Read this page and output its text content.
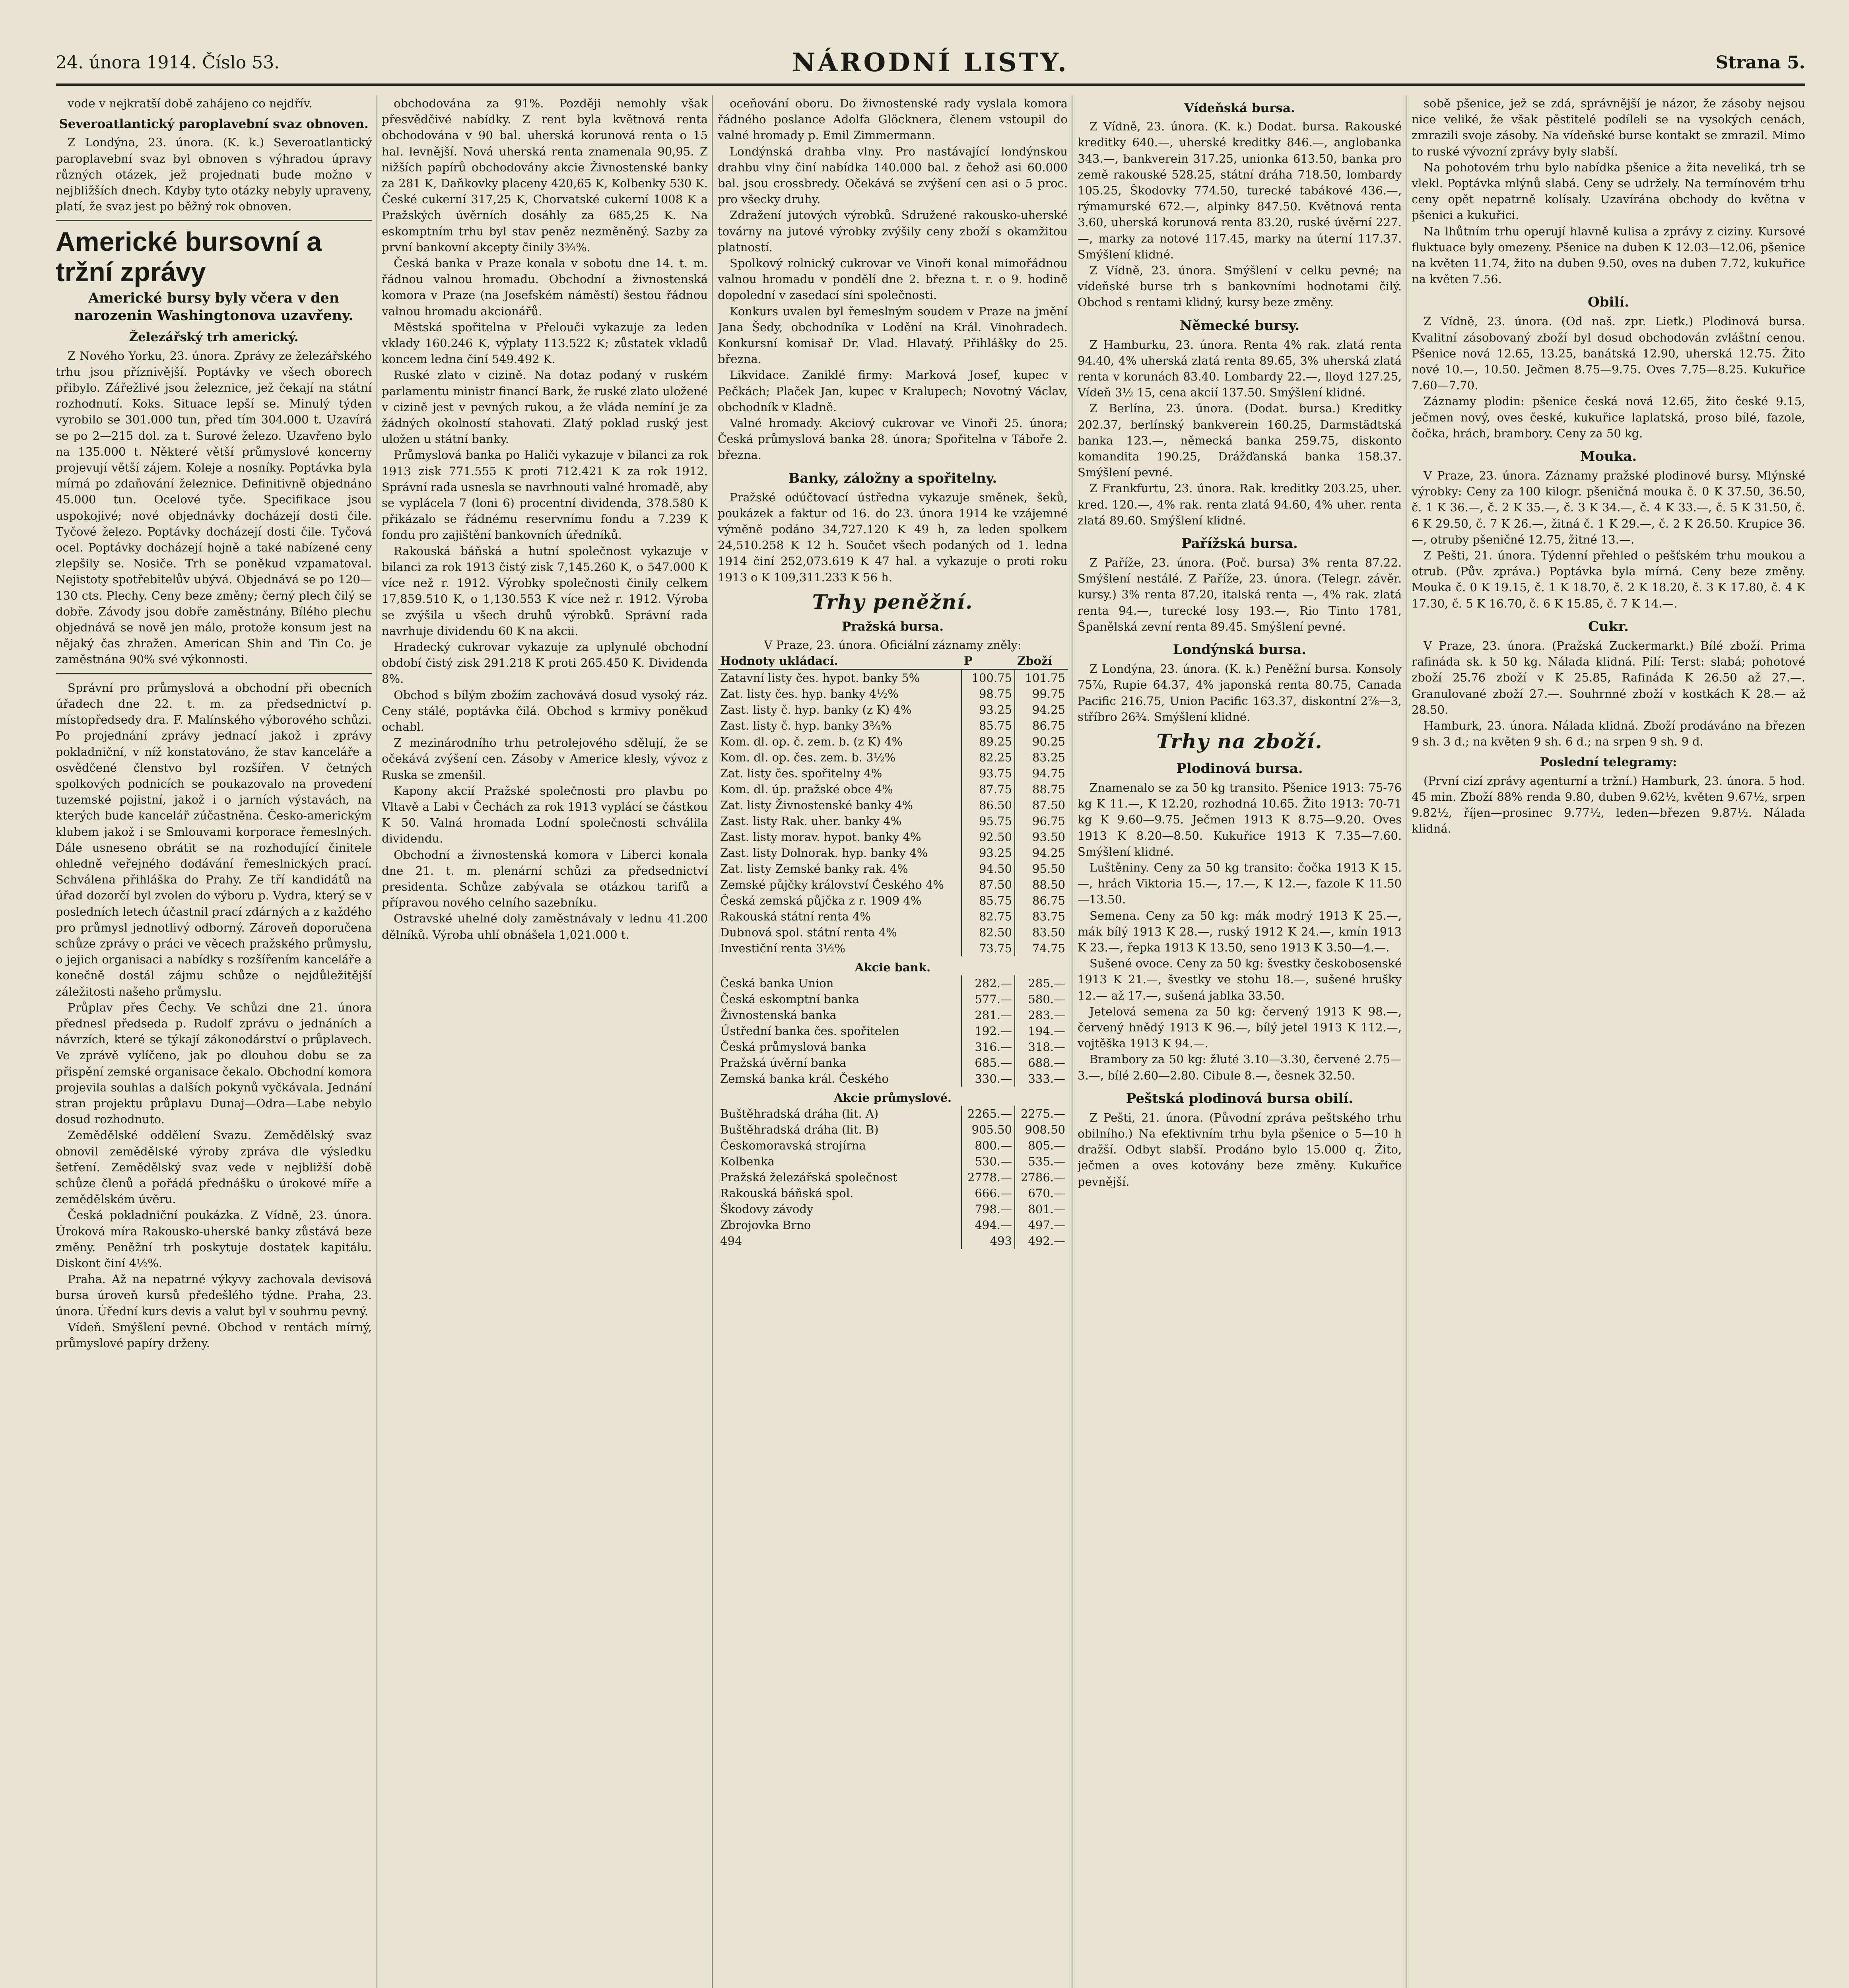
24. února 1914. Číslo 53.	NÁRODNÍ LISTY.	Strana 5.

vode v nejkratší době zahájeno co nejdřív.

Severoatlantický paroplavební svaz obnoven.

Z Londýna, 23. února. (K. k.) Severoatlantický paroplavební svaz byl obnoven s výhradou úpravy různých otázek, jež projednati bude možno v nejbližších dnech. Kdyby tyto otázky nebyly upraveny, platí, že svaz jest po běžný rok obnoven.

Americké bursovní a tržní zprávy
Americké bursy byly včera v den narozenin Washingtonova uzavřeny.
Železářský trh americký.

Z Nového Yorku, 23. února. Zprávy ze železářského trhu jsou příznivější. Poptávky ve všech oborech přibylo. Zářežlivé jsou železnice, jež čekají na státní rozhodnutí. Koks. Situace lepší se. Minulý týden vyrobilo se 301.000 tun, před tím 304.000 t. Uzavírá se po 2—215 dol. za t. Surové železo. Uzavřeno bylo na 135.000 t. Některé větší průmyslové koncerny projevují větší zájem. Koleje a nosníky. Poptávka byla mírná po zdaňování železnice. Definitivně objednáno 45.000 tun. Ocelové tyče. Specifikace jsou uspokojivé; nové objednávky docházejí dosti čile. Tyčové železo. Poptávky docházejí dosti čile. Tyčová ocel. Poptávky docházejí hojně a také nabízené ceny zlepšily se. Nosiče. Trh se poněkud vzpamatoval. Nejistoty spotřebitelův ubývá. Objednává se po 120—130 cts. Plechy. Ceny beze změny; černý plech čilý se dobře. Závody jsou dobře zaměstnány. Bílého plechu objednává se nově jen málo, protože konsum jest na nějaký čas zhražen. American Shin and Tin Co. je zaměstnána 90% své výkonnosti.

Správní pro průmyslová a obchodní při obecních úřadech dne 22. t. m. za předsednictví p. místopředsedy dra. F. Malínského výborového schůzi. Po projednání zprávy jednací jakož i zprávy pokladniční, v níž konstatováno, že stav kanceláře a osvědčené členstvo byl rozšířen. V četných spolkových podnicích se poukazovalo na provedení tuzemské pojistní, jakož i o jarních výstavách, na kterých bude kancelář zúčastněna. Česko-americkým klubem jakož i se Smlouvami korporace řemeslných. Dále usneseno obrátit se na rozhodující činitele ohledně veřejného dodávání řemeslnických prací. Schválena přihláška do Prahy. Ze tří kandidátů na úřad dozorčí byl zvolen do výboru p. Vydra, který se v posledních letech účastnil prací zdárných a z každého pro průmysl jednotlivý odborný. Zároveň doporučena schůze zprávy o práci ve věcech pražského průmyslu, o jejich organisaci a nabídky s rozšířením kanceláře a konečně dostál zájmu schůze o nejdůležitější záležitosti našeho průmyslu.

Průplav přes Čechy. Ve schůzi dne 21. února přednesl předseda p. Rudolf zprávu o jednáních a návrzích, které se týkají zákonodárství o průplavech. Ve zprávě vylíčeno, jak po dlouhou dobu se za přispění zemské organisace čekalo. Obchodní komora projevila souhlas a dalších pokynů vyčkávala. Jednání stran projektu průplavu Dunaj—Odra—Labe nebylo dosud rozhodnuto.

Zemědělské oddělení Svazu. Zemědělský svaz obnovil zemědělské výroby zpráva dle výsledku šetření. Zemědělský svaz vede v nejbližší době schůze členů a pořádá přednášku o úrokové míře a zemědělském úvěru.

Česká pokladniční poukázka. Z Vídně, 23. února. Úroková míra Rakousko-uherské banky zůstává beze změny. Peněžní trh poskytuje dostatek kapitálu. Diskont činí 4½%.

Praha. Až na nepatrné výkyvy zachovala devisová bursa úroveň kursů předešlého týdne. Praha, 23. února. Úřední kurs devis a valut byl v souhrnu pevný.

Vídeň. Smýšlení pevné. Obchod v rentách mírný, průmyslové papíry drženy.

obchodována za 91%. Později nemohly však přesvědčivé nabídky. Z rent byla květnová renta obchodována v 90 bal. uherská korunová renta o 15 hal. levnější. Nová uherská renta znamenala 90,95. Z nižších papírů obchodovány akcie Živnostenské banky za 281 K, Daňkovky placeny 420,65 K, Kolbenky 530 K. České cukerní 317,25 K, Chorvatské cukerní 1008 K a Pražských úvěrních dosáhly za 685,25 K. Na eskomptním trhu byl stav peněz nezměněný. Sazby za první bankovní akcepty činily 3¾%.

Česká banka v Praze konala v sobotu dne 14. t. m. řádnou valnou hromadu. Obchodní a živnostenská komora v Praze (na Josefském náměstí) šestou řádnou valnou hromadu akcionářů.

Městská spořitelna v Přelouči vykazuje za leden vklady 160.246 K, výplaty 113.522 K; zůstatek vkladů koncem ledna činí 549.492 K.

Ruské zlato v cizině. Na dotaz podaný v ruském parlamentu ministr financí Bark, že ruské zlato uložené v cizině jest v pevných rukou, a že vláda nemíní je za žádných okolností stahovati. Zlatý poklad ruský jest uložen u státní banky.

Průmyslová banka po Haliči vykazuje v bilanci za rok 1913 zisk 771.555 K proti 712.421 K za rok 1912. Správní rada usnesla se navrhnouti valné hromadě, aby se vyplácela 7 (loni 6) procentní dividenda, 378.580 K přikázalo se řádnému reservnímu fondu a 7.239 K fondu pro zajištění bankovních úředníků.

Rakouská báňská a hutní společnost vykazuje v bilanci za rok 1913 čistý zisk 7,145.260 K, o 547.000 K více než r. 1912. Výrobky společnosti činily celkem 17,859.510 K, o 1,130.553 K více než r. 1912. Výroba se zvýšila u všech druhů výrobků. Správní rada navrhuje dividendu 60 K na akcii.

Hradecký cukrovar vykazuje za uplynulé obchodní období čistý zisk 291.218 K proti 265.450 K. Dividenda 8%.

Obchod s bílým zbožím zachovává dosud vysoký ráz. Ceny stálé, poptávka čilá. Obchod s krmivy poněkud ochabl.

Z mezinárodního trhu petrolejového sdělují, že se očekává zvýšení cen. Zásoby v Americe klesly, vývoz z Ruska se zmenšil.

Kapony akcií Pražské společnosti pro plavbu po Vltavě a Labi v Čechách za rok 1913 vyplácí se částkou K 50. Valná hromada Lodní společnosti schválila dividendu.

Obchodní a živnostenská komora v Liberci konala dne 21. t. m. plenární schůzi za předsednictví presidenta. Schůze zabývala se otázkou tarifů a přípravou nového celního sazebníku.

Ostravské uhelné doly zaměstnávaly v lednu 41.200 dělníků. Výroba uhlí obnášela 1,021.000 t.

oceňování oboru. Do živnostenské rady vyslala komora řádného poslance Adolfa Glöcknera, členem vstoupil do valné hromady p. Emil Zimmermann.

Londýnská drahba vlny. Pro nastávající londýnskou drahbu vlny činí nabídka 140.000 bal. z čehož asi 60.000 bal. jsou crossbredy. Očekává se zvýšení cen asi o 5 proc. pro všecky druhy.

Zdražení jutových výrobků. Sdružené rakousko-uherské továrny na jutové výrobky zvýšily ceny zboží s okamžitou platností.

Spolkový rolnický cukrovar ve Vinoři konal mimořádnou valnou hromadu v pondělí dne 2. března t. r. o 9. hodině dopolední v zasedací síni společnosti.

Konkurs uvalen byl řemeslným soudem v Praze na jmění Jana Šedy, obchodníka v Lodění na Král. Vinohradech. Konkursní komisař Dr. Vlad. Hlavatý. Přihlášky do 25. března.

Likvidace. Zaniklé firmy: Marková Josef, kupec v Pečkách; Plaček Jan, kupec v Kralupech; Novotný Václav, obchodník v Kladně.

Valné hromady. Akciový cukrovar ve Vinoři 25. února; Česká průmyslová banka 28. února; Spořitelna v Táboře 2. března.

Banky, záložny a spořitelny.

Pražské odúčtovací ústředna vykazuje směnek, šeků, poukázek a faktur od 16. do 23. února 1914 ke vzájemné výměně podáno 34,727.120 K 49 h, za leden spolkem 24,510.258 K 12 h. Součet všech podaných od 1. ledna 1914 činí 252,073.619 K 47 hal. a vykazuje o proti roku 1913 o K 109,311.233 K 56 h.

Trhy peněžní.
Pražská bursa.

V Praze, 23. února. Oficiální záznamy zněly:

Hodnoty ukládací.	P	Zboží
Zatavní listy čes. hypot. banky 5%	100.75	101.75
Zat. listy čes. hyp. banky 4½%	98.75	99.75
Zast. listy č. hyp. banky (z K) 4%	93.25	94.25
Zast. listy č. hyp. banky 3¾%	85.75	86.75
Kom. dl. op. č. zem. b. (z K) 4%	89.25	90.25
Kom. dl. op. čes. zem. b. 3½%	82.25	83.25
Zat. listy čes. spořitelny 4%	93.75	94.75
Kom. dl. úp. pražské obce 4%	87.75	88.75
Zat. listy Živnostenské banky 4%	86.50	87.50
Zast. listy Rak. uher. banky 4%	95.75	96.75
Zast. listy morav. hypot. banky 4%	92.50	93.50
Zast. listy Dolnorak. hyp. banky 4%	93.25	94.25
Zat. listy Zemské banky rak. 4%	94.50	95.50
Zemské půjčky království Českého 4%	87.50	88.50
Česká zemská půjčka z r. 1909 4%	85.75	86.75
Rakouská státní renta 4%	82.75	83.75
Dubnová spol. státní renta 4%	82.50	83.50
Investiční renta 3½%	73.75	74.75
Akcie bank.		
Česká banka Union	282.—	285.—
Česká eskomptní banka	577.—	580.—
Živnostenská banka	281.—	283.—
Ústřední banka čes. spořitelen	192.—	194.—
Česká průmyslová banka	316.—	318.—
Pražská úvěrní banka	685.—	688.—
Zemská banka král. Českého	330.—	333.—
Akcie průmyslové.		
Buštěhradská dráha (lit. A)	2265.—	2275.—
Buštěhradská dráha (lit. B)	905.50	908.50
Českomoravská strojírna	800.—	805.—
Kolbenka	530.—	535.—
Pražská železářská společnost	2778.—	2786.—
Rakouská báňská spol.	666.—	670.—
Škodovy závody	798.—	801.—
Zbrojovka Brno	494.—	497.—
494	493	492.—
Vídeňská bursa.

Z Vídně, 23. února. (K. k.) Dodat. bursa. Rakouské kreditky 640.—, uherské kreditky 846.—, anglobanka 343.—, bankverein 317.25, unionka 613.50, banka pro země rakouské 528.25, státní dráha 718.50, lombardy 105.25, Škodovky 774.50, turecké tabákové 436.—, rýmamurské 672.—, alpinky 847.50. Květnová renta 3.60, uherská korunová renta 83.20, ruské úvěrní 227.—, marky za notové 117.45, marky na úterní 117.37. Smýšlení klidné.

Z Vídně, 23. února. Smýšlení v celku pevné; na vídeňské burse trh s bankovními hodnotami čilý. Obchod s rentami klidný, kursy beze změny.

Německé bursy.

Z Hamburku, 23. února. Renta 4% rak. zlatá renta 94.40, 4% uherská zlatá renta 89.65, 3% uherská zlatá renta v korunách 83.40. Lombardy 22.—, lloyd 127.25, Vídeň 3½ 15, cena akcií 137.50. Smýšlení klidné.

Z Berlína, 23. února. (Dodat. bursa.) Kreditky 202.37, berlínský bankverein 160.25, Darmstädtská banka 123.—, německá banka 259.75, diskonto komandita 190.25, Drážďanská banka 158.37. Smýšlení pevné.

Z Frankfurtu, 23. února. Rak. kreditky 203.25, uher. kred. 120.—, 4% rak. renta zlatá 94.60, 4% uher. renta zlatá 89.60. Smýšlení klidné.

Pařížská bursa.

Z Paříže, 23. února. (Poč. bursa) 3% renta 87.22. Smýšlení nestálé. Z Paříže, 23. února. (Telegr. závěr. kursy.) 3% renta 87.20, italská renta —, 4% rak. zlatá renta 94.—, turecké losy 193.—, Rio Tinto 1781, Španělská zevní renta 89.45. Smýšlení pevné.

Londýnská bursa.

Z Londýna, 23. února. (K. k.) Peněžní bursa. Konsoly 75⅞, Rupie 64.37, 4% japonská renta 80.75, Canada Pacific 216.75, Union Pacific 163.37, diskontní 2⅞—3, stříbro 26¾. Smýšlení klidné.

Trhy na zboží.
Plodinová bursa.

Znamenalo se za 50 kg transito. Pšenice 1913: 75-76 kg K 11.—, K 12.20, rozhodná 10.65. Žito 1913: 70-71 kg K 9.60—9.75. Ječmen 1913 K 8.75—9.20. Oves 1913 K 8.20—8.50. Kukuřice 1913 K 7.35—7.60. Smýšlení klidné.

Luštěniny. Ceny za 50 kg transito: čočka 1913 K 15.—, hrách Viktoria 15.—, 17.—, K 12.—, fazole K 11.50—13.50.

Semena. Ceny za 50 kg: mák modrý 1913 K 25.—, mák bílý 1913 K 28.—, ruský 1912 K 24.—, kmín 1913 K 23.—, řepka 1913 K 13.50, seno 1913 K 3.50—4.—.

Sušené ovoce. Ceny za 50 kg: švestky českobosenské 1913 K 21.—, švestky ve stohu 18.—, sušené hrušky 12.— až 17.—, sušená jablka 33.50.

Jetelová semena za 50 kg: červený 1913 K 98.—, červený hnědý 1913 K 96.—, bílý jetel 1913 K 112.—, vojtěška 1913 K 94.—.

Brambory za 50 kg: žluté 3.10—3.30, červené 2.75—3.—, bílé 2.60—2.80. Cibule 8.—, česnek 32.50.

Peštská plodinová bursa obilí.

Z Pešti, 21. února. (Původní zpráva peštského trhu obilního.) Na efektivním trhu byla pšenice o 5—10 h dražší. Odbyt slabší. Prodáno bylo 15.000 q. Žito, ječmen a oves kotovány beze změny. Kukuřice pevnější.

sobě pšenice, jež se zdá, správnější je názor, že zásoby nejsou nice veliké, že však pěstitelé podíleli se na vysokých cenách, zmrazili svoje zásoby. Na vídeňské burse kontakt se zmrazil. Mimo to ruské vývozní zprávy byly slabší.

Na pohotovém trhu bylo nabídka pšenice a žita neveliká, trh se vlekl. Poptávka mlýnů slabá. Ceny se udržely. Na termínovém trhu ceny opět nepatrně kolísaly. Uzavírána obchody do května v pšenici a kukuřici.

Na lhůtním trhu operují hlavně kulisa a zprávy z ciziny. Kursové fluktuace byly omezeny. Pšenice na duben K 12.03—12.06, pšenice na květen 11.74, žito na duben 9.50, oves na duben 7.72, kukuřice na květen 7.56.

Obilí.

Z Vídně, 23. února. (Od naš. zpr. Lietk.) Plodinová bursa. Kvalitní zásobovaný zboží byl dosud obchodován zvláštní cenou. Pšenice nová 12.65, 13.25, banátská 12.90, uherská 12.75. Žito nové 10.—, 10.50. Ječmen 8.75—9.75. Oves 7.75—8.25. Kukuřice 7.60—7.70.

Záznamy plodin: pšenice česká nová 12.65, žito české 9.15, ječmen nový, oves české, kukuřice laplatská, proso bílé, fazole, čočka, hrách, brambory. Ceny za 50 kg.

Mouka.

V Praze, 23. února. Záznamy pražské plodinové bursy. Mlýnské výrobky: Ceny za 100 kilogr. pšeničná mouka č. 0 K 37.50, 36.50, č. 1 K 36.—, č. 2 K 35.—, č. 3 K 34.—, č. 4 K 33.—, č. 5 K 31.50, č. 6 K 29.50, č. 7 K 26.—, žitná č. 1 K 29.—, č. 2 K 26.50. Krupice 36.—, otruby pšeničné 12.75, žitné 13.—.

Z Pešti, 21. února. Týdenní přehled o pešťském trhu moukou a otrub. (Pův. zpráva.) Poptávka byla mírná. Ceny beze změny. Mouka č. 0 K 19.15, č. 1 K 18.70, č. 2 K 18.20, č. 3 K 17.80, č. 4 K 17.30, č. 5 K 16.70, č. 6 K 15.85, č. 7 K 14.—.

Cukr.

V Praze, 23. února. (Pražská Zuckermarkt.) Bílé zboží. Prima rafináda sk. k 50 kg. Nálada klidná. Pilí: Terst: slabá; pohotové zboží 25.76 zboží v K 25.85, Rafináda K 26.50 až 27.—. Granulované zboží 27.—. Souhrnné zboží v kostkách K 28.— až 28.50.

Hamburk, 23. února. Nálada klidná. Zboží prodáváno na březen 9 sh. 3 d.; na květen 9 sh. 6 d.; na srpen 9 sh. 9 d.

Poslední telegramy:

(První cizí zprávy agenturní a tržní.) Hamburk, 23. února. 5 hod. 45 min. Zboží 88% renda 9.80, duben 9.62½, květen 9.67½, srpen 9.82½, říjen—prosinec 9.77½, leden—březen 9.87½. Nálada klidná.
